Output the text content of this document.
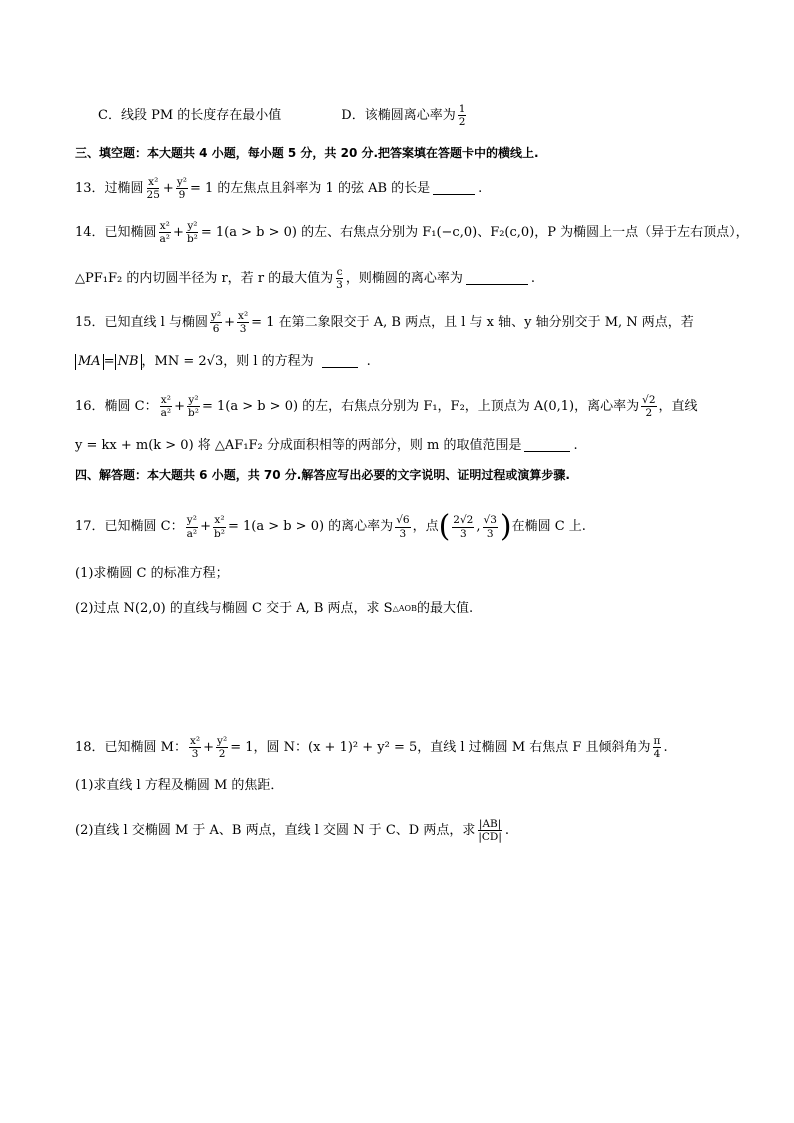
C．线段 PM 的长度存在最小值	D．该椭圆离心率为 $\frac{1}{2}$
三、填空题：本大题共 4 小题，每小题 5 分，共 20 分.把答案填在答题卡中的横线上.
13．过椭圆 $\frac{\text{x²}}{25} + \frac{\text{y²}}{9} = 1$ 的左焦点且斜率为 1 的弦 AB 的长是	.
14．已知椭圆 $\frac{\text{x²}}{\text{a²}} + \frac{\text{y²}}{\text{b²}} = 1(a > b > 0)$ 的左、右焦点分别为 F₁(−c,0)、F₂(c,0)，P 为椭圆上一点（异于左右顶点），
△PF₁F₂ 的内切圆半径为 r，若 r 的最大值为 $\frac{c}{3}$ ，则椭圆的离心率为	.
15．已知直线 l 与椭圆 $\frac{\text{y²}}{6} + \frac{\text{x²}}{3} = 1$ 在第二象限交于 A, B 两点，且 l 与 x 轴、y 轴分别交于 M, N 两点，若
MA = NB ，MN = 2√3，则 l 的方程为	.
16．椭圆 C： $\frac{\text{x²}}{\text{a²}} + \frac{\text{y²}}{\text{b²}} = 1(a > b > 0)$ 的左，右焦点分别为 F₁，F₂，上顶点为 A(0,1)，离心率为 $\frac{√2}{2}$ ，直线
y = kx + m(k > 0) 将 △AF₁F₂ 分成面积相等的两部分，则 m 的取值范围是	.
四、解答题：本大题共 6 小题，共 70 分.解答应写出必要的文字说明、证明过程或演算步骤.
17．已知椭圆 C： $\frac{\text{y²}}{\text{a²}} + \frac{\text{x²}}{\text{b²}} = 1(a > b > 0)$ 的离心率为 $\frac{√6}{3}$ ，点 ( $\frac{2√2}{3}$ , $\frac{√3}{3}$ ) 在椭圆 C 上.
(1)求椭圆 C 的标准方程；
(2)过点 N(2,0) 的直线与椭圆 C 交于 A, B 两点，求 S △AOB 的最大值.
18．已知椭圆 M： $\frac{\text{x²}}{3} + \frac{\text{y²}}{2} = 1$，圆 N：(x + 1)² + y² = 5，直线 l 过椭圆 M 右焦点 F 且倾斜角为 $\frac{\pi}{4}$ .
(1)求直线 l 方程及椭圆 M 的焦距．
(2)直线 l 交椭圆 M 于 A、B 两点，直线 l 交圆 N 于 C、D 两点，求 $\frac{|AB|}{|CD|}$ .
